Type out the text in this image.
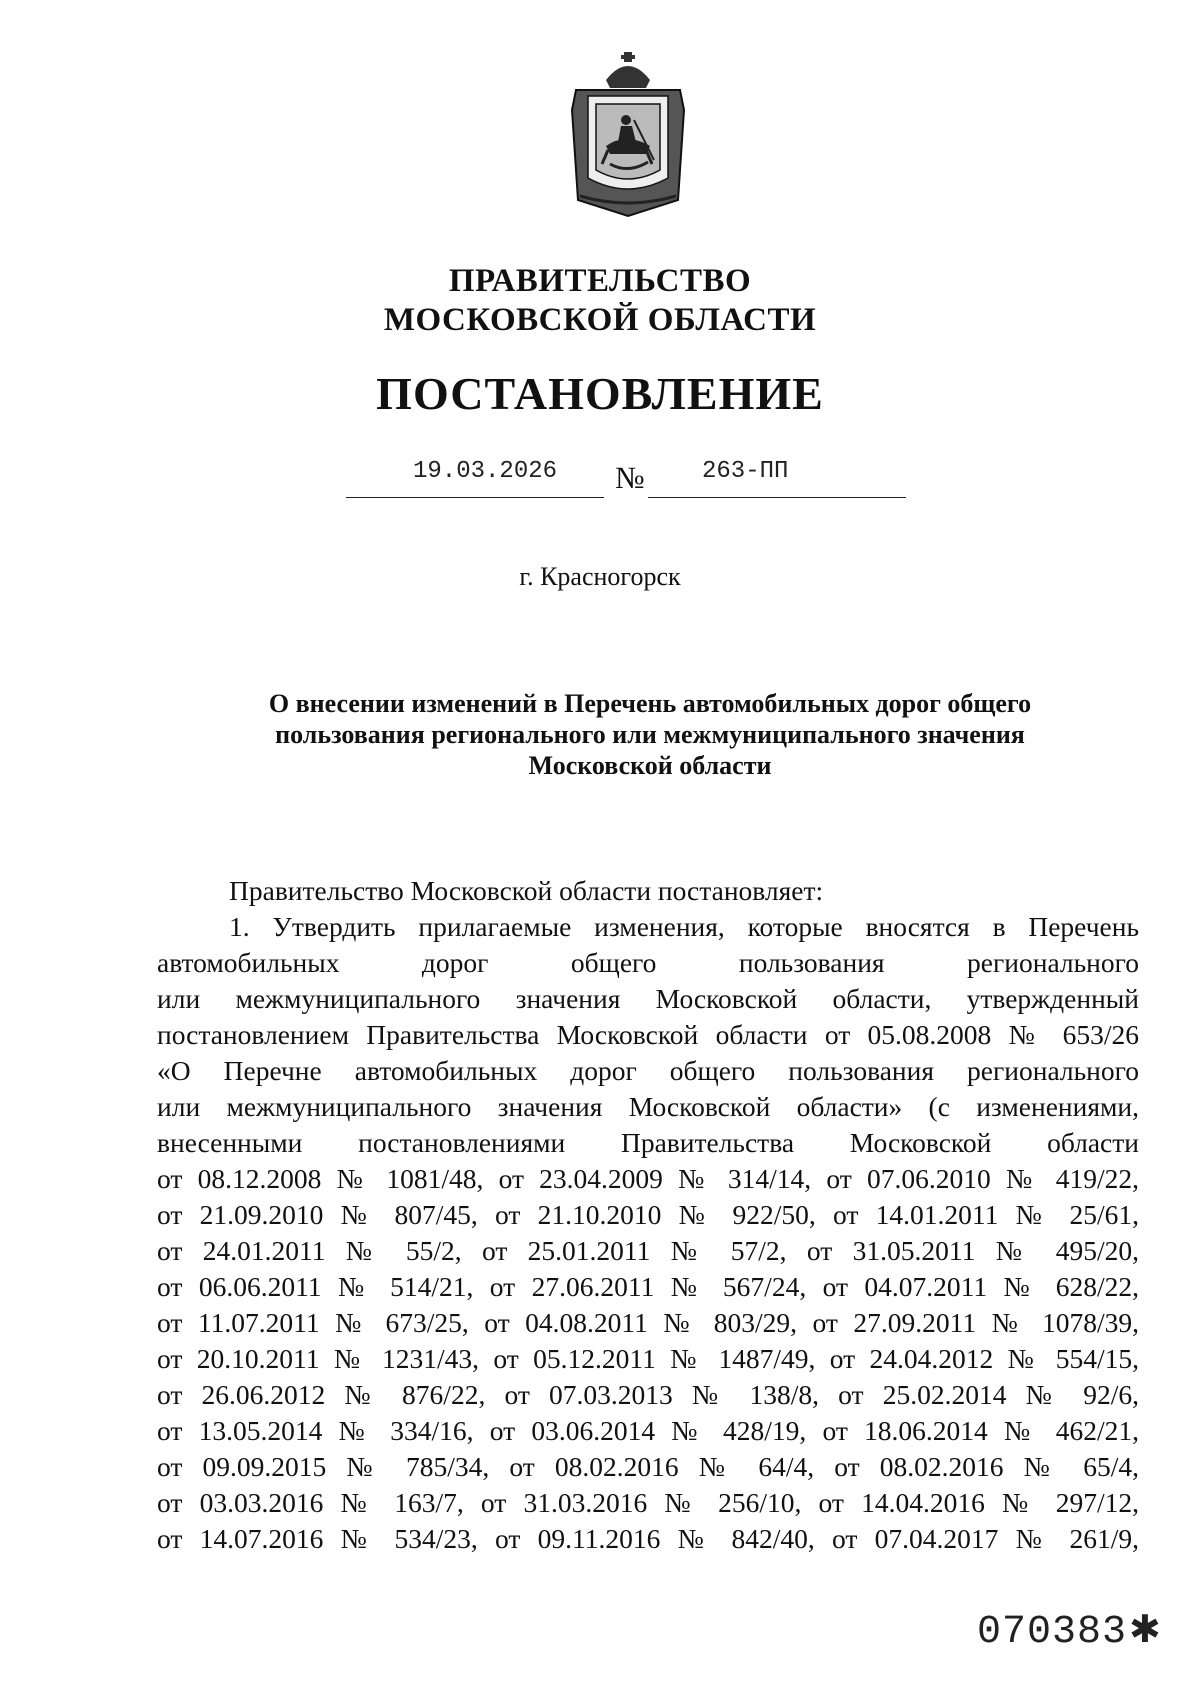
ПРАВИТЕЛЬСТВО
МОСКОВСКОЙ ОБЛАСТИ
ПОСТАНОВЛЕНИЕ
19.03.2026 № 263-ПП
г. Красногорск
О внесении изменений в Перечень автомобильных дорог общего
пользования регионального или межмуниципального значения
Московской области
Правительство Московской области постановляет:
1. Утвердить прилагаемые изменения, которые вносятся в Перечень
автомобильных дорог общего пользования регионального
или межмуниципального значения Московской области, утвержденный
постановлением Правительства Московской области от 05.08.2008 № 653/26
«О Перечне автомобильных дорог общего пользования регионального
или межмуниципального значения Московской области» (с изменениями,
внесенными постановлениями Правительства Московской области
от 08.12.2008 № 1081/48, от 23.04.2009 № 314/14, от 07.06.2010 № 419/22,
от 21.09.2010 № 807/45, от 21.10.2010 № 922/50, от 14.01.2011 № 25/61,
от 24.01.2011 № 55/2, от 25.01.2011 № 57/2, от 31.05.2011 № 495/20,
от 06.06.2011 № 514/21, от 27.06.2011 № 567/24, от 04.07.2011 № 628/22,
от 11.07.2011 № 673/25, от 04.08.2011 № 803/29, от 27.09.2011 № 1078/39,
от 20.10.2011 № 1231/43, от 05.12.2011 № 1487/49, от 24.04.2012 № 554/15,
от 26.06.2012 № 876/22, от 07.03.2013 № 138/8, от 25.02.2014 № 92/6,
от 13.05.2014 № 334/16, от 03.06.2014 № 428/19, от 18.06.2014 № 462/21,
от 09.09.2015 № 785/34, от 08.02.2016 № 64/4, от 08.02.2016 № 65/4,
от 03.03.2016 № 163/7, от 31.03.2016 № 256/10, от 14.04.2016 № 297/12,
от 14.07.2016 № 534/23, от 09.11.2016 № 842/40, от 07.04.2017 № 261/9,
070383✱
